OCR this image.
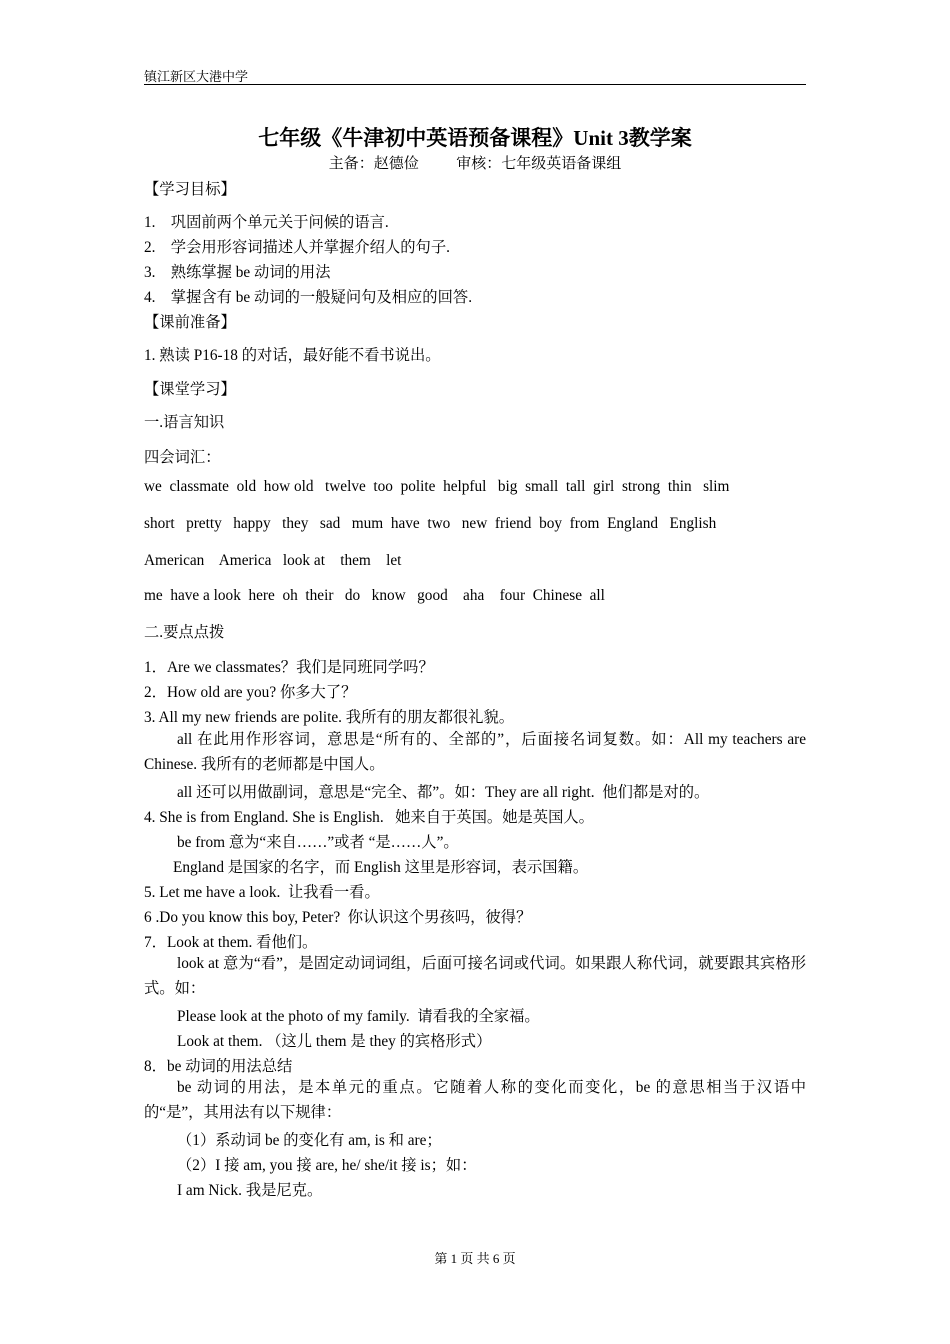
镇江新区大港中学
七年级《牛津初中英语预备课程》Unit 3教学案
主备：赵德俭	审核：七年级英语备课组
【学习目标】
1.    巩固前两个单元关于问候的语言.
2.    学会用形容词描述人并掌握介绍人的句子.
3.    熟练掌握 be 动词的用法
4.    掌握含有 be 动词的一般疑问句及相应的回答.
【课前准备】
1. 熟读 P16-18 的对话，最好能不看书说出。
【课堂学习】
一.语言知识
四会词汇：
we  classmate  old  how old   twelve  too  polite  helpful   big  small  tall  girl  strong  thin   slim
short   pretty   happy   they   sad   mum  have  two   new  friend  boy  from  England   English
American    America   look at    them    let
me  have a look  here  oh  their   do   know   good    aha    four  Chinese  all
二.要点点拨
1．Are we classmates？我们是同班同学吗？
2．How old are you? 你多大了？
3. All my new friends are polite. 我所有的朋友都很礼貌。
all 在此用作形容词，意思是“所有的、全部的”，后面接名词复数。如：All my teachers are Chinese. 我所有的老师都是中国人。
all 还可以用做副词，意思是“完全、都”。如：They are all right.  他们都是对的。
4. She is from England. She is English.   她来自于英国。她是英国人。
be from 意为“来自……”或者 “是……人”。
England 是国家的名字，而 English 这里是形容词，表示国籍。
5. Let me have a look.  让我看一看。
6 .Do you know this boy, Peter?  你认识这个男孩吗，彼得？
7．Look at them. 看他们。
look at 意为“看”，是固定动词词组，后面可接名词或代词。如果跟人称代词，就要跟其宾格形式。如：
Please look at the photo of my family.  请看我的全家福。
Look at them. （这儿 them 是 they 的宾格形式）
8．be 动词的用法总结
be 动词的用法，是本单元的重点。它随着人称的变化而变化，be 的意思相当于汉语中的“是”，其用法有以下规律：
（1）系动词 be 的变化有 am, is 和 are；
（2）I 接 am, you 接 are, he/ she/it 接 is；如：
I am Nick. 我是尼克。
第 1 页 共 6 页
